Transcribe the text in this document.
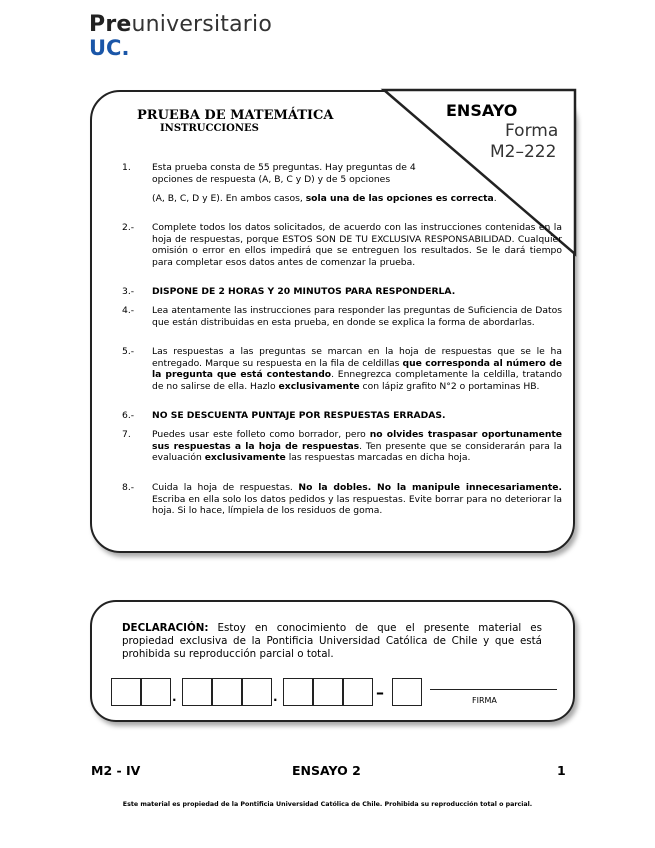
Preuniversitario
UC.
ENSAYO
Forma
M2–222
PRUEBA DE MATEMÁTICA
INSTRUCCIONES
1.	Esta prueba consta de 55 preguntas. Hay preguntas de 4 opciones de respuesta (A, B, C y D) y de 5 opciones
(A, B, C, D y E). En ambos casos, sola una de las opciones es correcta.
2.-	Complete todos los datos solicitados, de acuerdo con las instrucciones contenidas en la hoja de respuestas, porque ESTOS SON DE TU EXCLUSIVA RESPONSABILIDAD. Cualquier omisión o error en ellos impedirá que se entreguen los resultados. Se le dará tiempo para completar esos datos antes de comenzar la prueba.
3.-	DISPONE DE 2 HORAS Y 20 MINUTOS PARA RESPONDERLA.
4.-	Lea atentamente las instrucciones para responder las preguntas de Suficiencia de Datos que están distribuidas en esta prueba, en donde se explica la forma de abordarlas.
5.-	Las respuestas a las preguntas se marcan en la hoja de respuestas que se le ha entregado. Marque su respuesta en la fila de celdillas que corresponda al número de la pregunta que está contestando. Ennegrezca completamente la celdilla, tratando de no salirse de ella. Hazlo exclusivamente con lápiz grafito N°2 o portaminas HB.
6.-	NO SE DESCUENTA PUNTAJE POR RESPUESTAS ERRADAS.
7.	Puedes usar este folleto como borrador, pero no olvides traspasar oportunamente sus respuestas a la hoja de respuestas. Ten presente que se considerarán para la evaluación exclusivamente las respuestas marcadas en dicha hoja.
8.-	Cuida la hoja de respuestas. No la dobles. No la manipule innecesariamente. Escriba en ella solo los datos pedidos y las respuestas. Evite borrar para no deteriorar la hoja. Si lo hace, límpiela de los residuos de goma.
DECLARACIÓN: Estoy en conocimiento de que el presente material es propiedad exclusiva de la Pontificia Universidad Católica de Chile y que está prohibida su reproducción parcial o total.
.	.	–	FIRMA
M2 - IV	ENSAYO 2	1
Este material es propiedad de la Pontificia Universidad Católica de Chile. Prohibida su reproducción total o parcial.
